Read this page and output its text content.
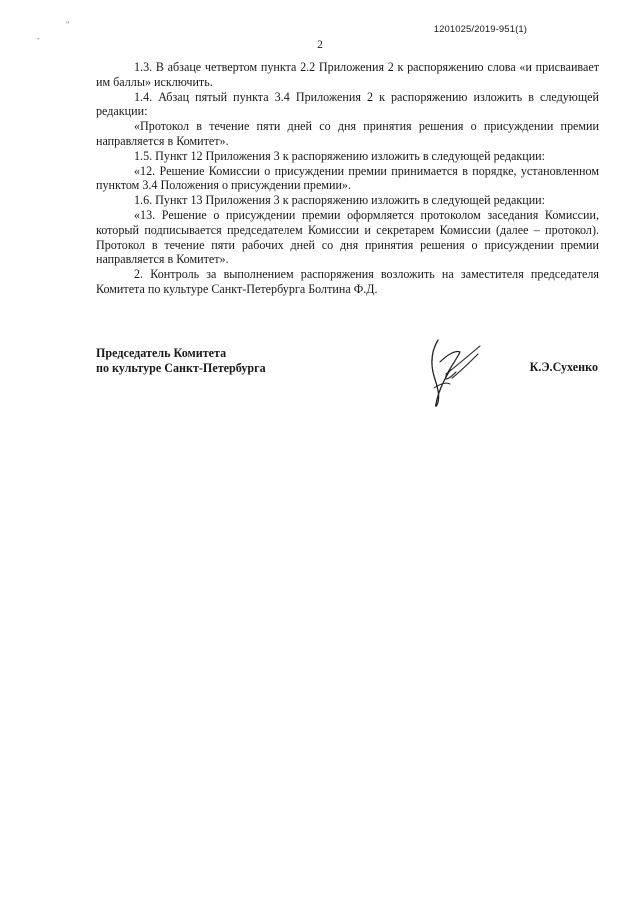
-
"	1201025/2019-951(1)
2

1.3. В абзаце четвертом пункта 2.2 Приложения 2 к распоряжению слова «и присваивает им баллы» исключить.

1.4. Абзац пятый пункта 3.4 Приложения 2 к распоряжению изложить в следующей редакции:

«Протокол в течение пяти дней со дня принятия решения о присуждении премии направляется в Комитет».

1.5. Пункт 12 Приложения 3 к распоряжению изложить в следующей редакции:

«12. Решение Комиссии о присуждении премии принимается в порядке, установленном пунктом 3.4 Положения о присуждении премии».

1.6. Пункт 13 Приложения 3 к распоряжению изложить в следующей редакции:

«13. Решение о присуждении премии оформляется протоколом заседания Комиссии, который подписывается председателем Комиссии и секретарем Комиссии (далее – протокол). Протокол в течение пяти рабочих дней со дня принятия решения о присуждении премии направляется в Комитет».

2. Контроль за выполнением распоряжения возложить на заместителя председателя Комитета по культуре Санкт-Петербурга Болтина Ф.Д.

Председатель Комитета
по культуре Санкт-Петербурга	К.Э.Сухенко
